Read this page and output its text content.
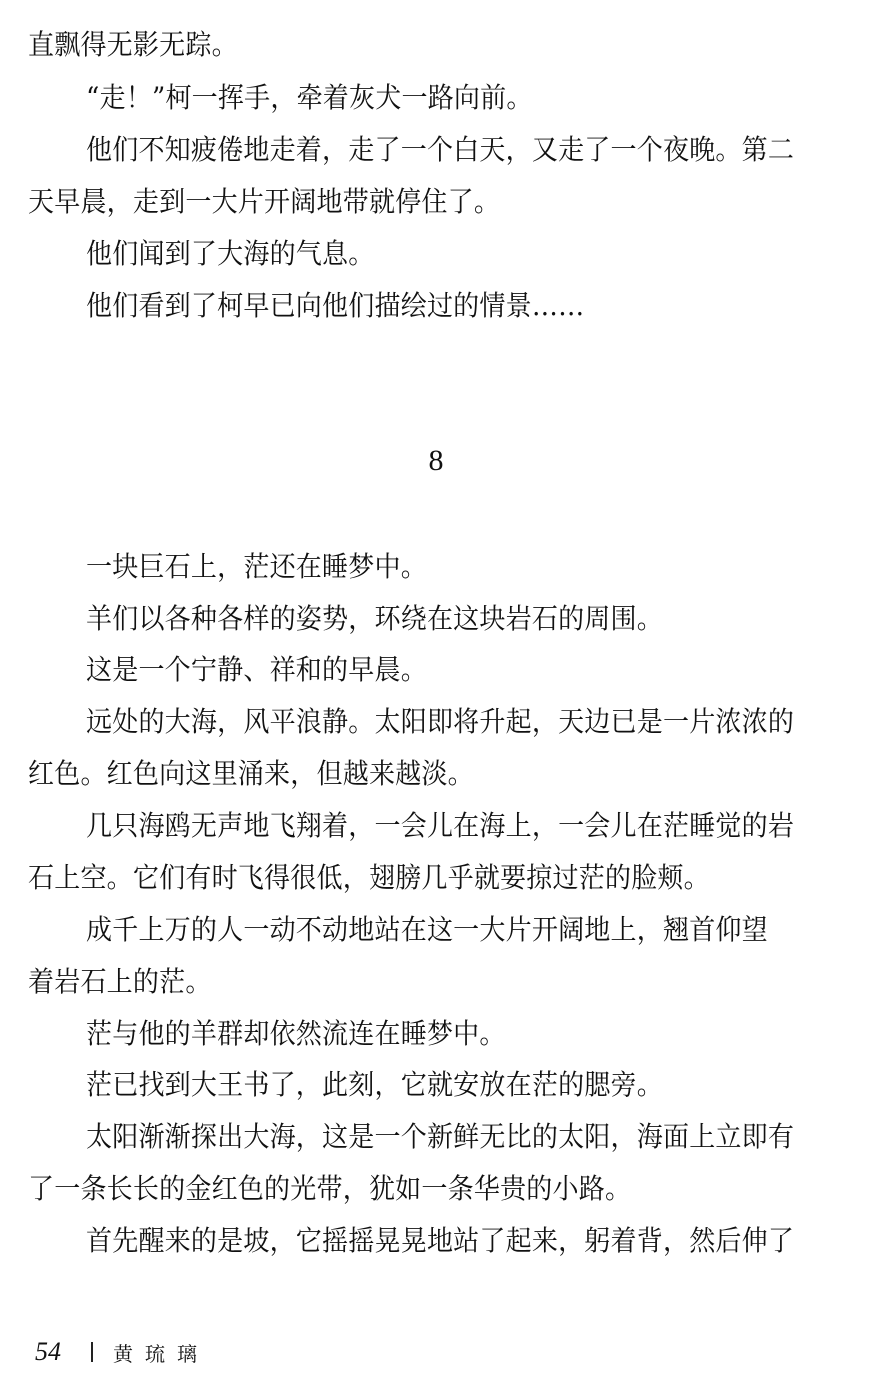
直飘得无影无踪。
“走！”柯一挥手，牵着灰犬一路向前。
他们不知疲倦地走着，走了一个白天，又走了一个夜晚。第二
天早晨，走到一大片开阔地带就停住了。
他们闻到了大海的气息。
他们看到了柯早已向他们描绘过的情景……
8
一块巨石上，茫还在睡梦中。
羊们以各种各样的姿势，环绕在这块岩石的周围。
这是一个宁静、祥和的早晨。
远处的大海，风平浪静。太阳即将升起，天边已是一片浓浓的
红色。红色向这里涌来，但越来越淡。
几只海鸥无声地飞翔着，一会儿在海上，一会儿在茫睡觉的岩
石上空。它们有时飞得很低，翅膀几乎就要掠过茫的脸颊。
成千上万的人一动不动地站在这一大片开阔地上，翘首仰望
着岩石上的茫。
茫与他的羊群却依然流连在睡梦中。
茫已找到大王书了，此刻，它就安放在茫的腮旁。
太阳渐渐探出大海，这是一个新鲜无比的太阳，海面上立即有
了一条长长的金红色的光带，犹如一条华贵的小路。
首先醒来的是坡，它摇摇晃晃地站了起来，躬着背，然后伸了
54	黄琉璃
